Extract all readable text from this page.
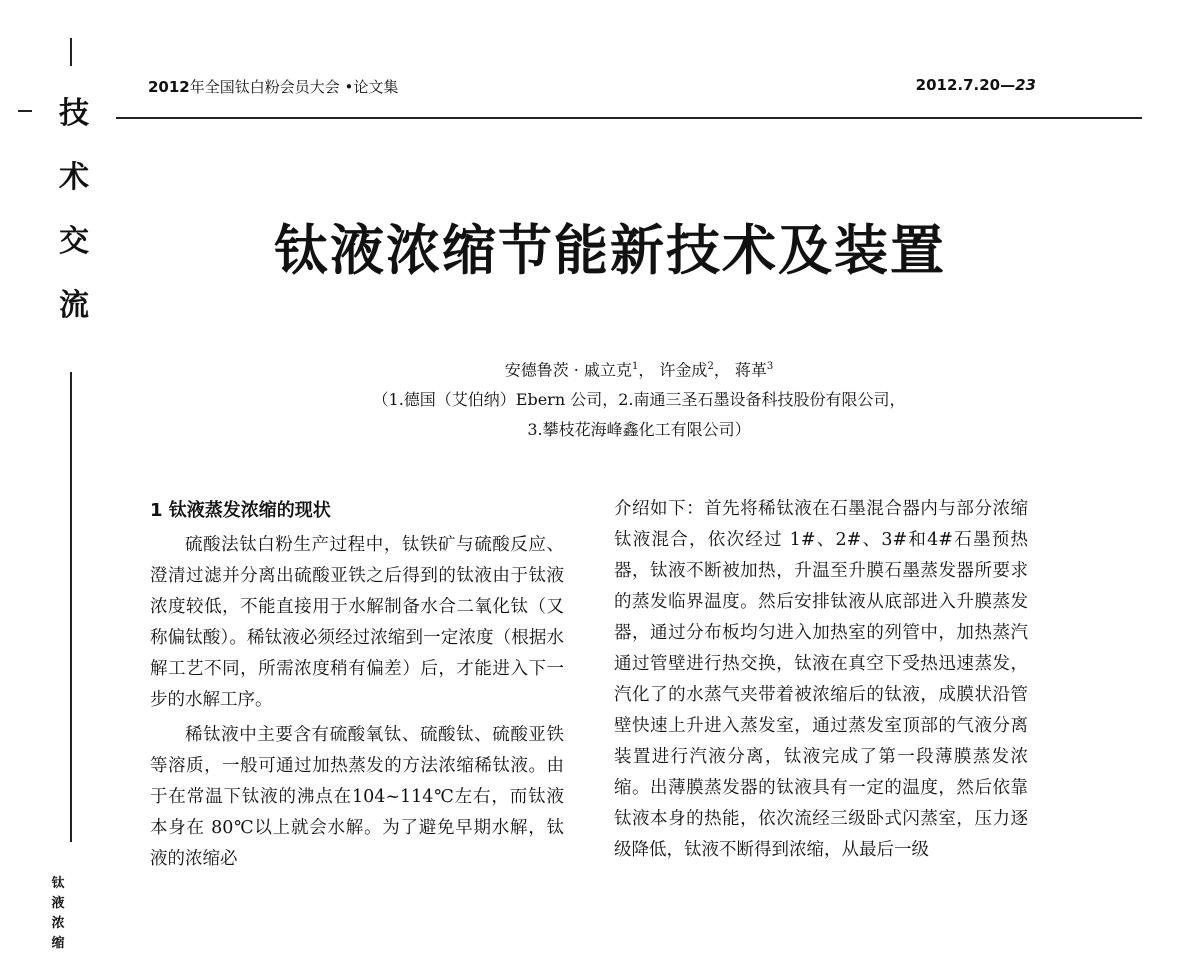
技
术
交
流
钛
液
浓
缩
2012年全国钛白粉会员大会 •论文集	2012.7.20—23
钛液浓缩节能新技术及装置
安德鲁茨 · 戚立克$^1$， 许金成$^2$， 蒋革$^3$
（1.德国（艾伯纳）Ebern 公司，2.南通三圣石墨设备科技股份有限公司，
3.攀枝花海峰鑫化工有限公司）
1 钛液蒸发浓缩的现状

硫酸法钛白粉生产过程中，钛铁矿与硫酸反应、澄清过滤并分离出硫酸亚铁之后得到的钛液由于钛液浓度较低，不能直接用于水解制备水合二氧化钛（又称偏钛酸）。稀钛液必须经过浓缩到一定浓度（根据水解工艺不同，所需浓度稍有偏差）后，才能进入下一步的水解工序。

稀钛液中主要含有硫酸氧钛、硫酸钛、硫酸亚铁等溶质，一般可通过加热蒸发的方法浓缩稀钛液。由于在常温下钛液的沸点在104~114℃左右，而钛液本身在 80℃以上就会水解。为了避免早期水解，钛液的浓缩必

介绍如下：首先将稀钛液在石墨混合器内与部分浓缩钛液混合，依次经过 1#、2#、3#和4#石墨预热器，钛液不断被加热，升温至升膜石墨蒸发器所要求的蒸发临界温度。然后安排钛液从底部进入升膜蒸发器，通过分布板均匀进入加热室的列管中，加热蒸汽通过管壁进行热交换，钛液在真空下受热迅速蒸发，汽化了的水蒸气夹带着被浓缩后的钛液，成膜状沿管壁快速上升进入蒸发室，通过蒸发室顶部的气液分离装置进行汽液分离，钛液完成了第一段薄膜蒸发浓缩。出薄膜蒸发器的钛液具有一定的温度，然后依靠钛液本身的热能，依次流经三级卧式闪蒸室，压力逐级降低，钛液不断得到浓缩，从最后一级
